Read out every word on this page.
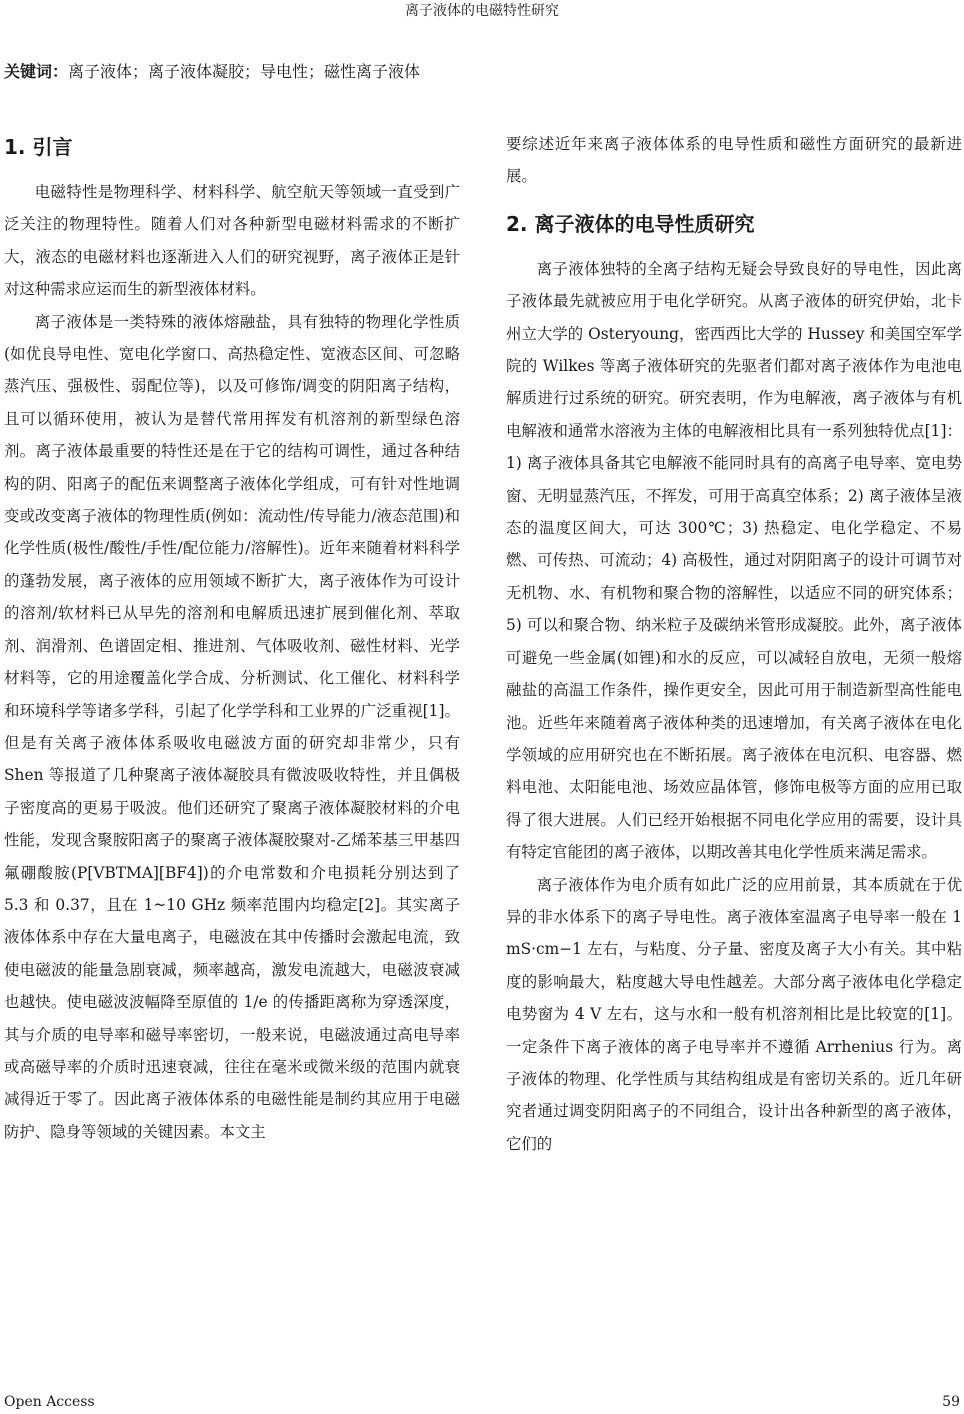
离子液体的电磁特性研究
关键词：离子液体；离子液体凝胶；导电性；磁性离子液体
1. 引言

电磁特性是物理科学、材料科学、航空航天等领域一直受到广泛关注的物理特性。随着人们对各种新型电磁材料需求的不断扩大，液态的电磁材料也逐渐进入人们的研究视野，离子液体正是针对这种需求应运而生的新型液体材料。

离子液体是一类特殊的液体熔融盐，具有独特的物理化学性质(如优良导电性、宽电化学窗口、高热稳定性、宽液态区间、可忽略蒸汽压、强极性、弱配位等)，以及可修饰/调变的阴阳离子结构，且可以循环使用，被认为是替代常用挥发有机溶剂的新型绿色溶剂。离子液体最重要的特性还是在于它的结构可调性，通过各种结构的阴、阳离子的配伍来调整离子液体化学组成，可有针对性地调变或改变离子液体的物理性质(例如：流动性/传导能力/液态范围)和化学性质(极性/酸性/手性/配位能力/溶解性)。近年来随着材料科学的蓬勃发展，离子液体的应用领域不断扩大，离子液体作为可设计的溶剂/软材料已从早先的溶剂和电解质迅速扩展到催化剂、萃取剂、润滑剂、色谱固定相、推进剂、气体吸收剂、磁性材料、光学材料等，它的用途覆盖化学合成、分析测试、化工催化、材料科学和环境科学等诸多学科，引起了化学学科和工业界的广泛重视[1]。但是有关离子液体体系吸收电磁波方面的研究却非常少，只有 Shen 等报道了几种聚离子液体凝胶具有微波吸收特性，并且偶极子密度高的更易于吸波。他们还研究了聚离子液体凝胶材料的介电性能，发现含聚胺阳离子的聚离子液体凝胶聚对-乙烯苯基三甲基四氟硼酸胺(P[VBTMA][BF4])的介电常数和介电损耗分别达到了 5.3 和 0.37，且在 1~10 GHz 频率范围内均稳定[2]。其实离子液体体系中存在大量电离子，电磁波在其中传播时会激起电流，致使电磁波的能量急剧衰减，频率越高，激发电流越大，电磁波衰减也越快。使电磁波波幅降至原值的 1/e 的传播距离称为穿透深度，其与介质的电导率和磁导率密切，一般来说，电磁波通过高电导率或高磁导率的介质时迅速衰减，往往在毫米或微米级的范围内就衰减得近于零了。因此离子液体体系的电磁性能是制约其应用于电磁防护、隐身等领域的关键因素。本文主

要综述近年来离子液体体系的电导性质和磁性方面研究的最新进展。

2. 离子液体的电导性质研究

离子液体独特的全离子结构无疑会导致良好的导电性，因此离子液体最先就被应用于电化学研究。从离子液体的研究伊始，北卡州立大学的 Osteryoung，密西西比大学的 Hussey 和美国空军学院的 Wilkes 等离子液体研究的先驱者们都对离子液体作为电池电解质进行过系统的研究。研究表明，作为电解液，离子液体与有机电解液和通常水溶液为主体的电解液相比具有一系列独特优点[1]：1) 离子液体具备其它电解液不能同时具有的高离子电导率、宽电势窗、无明显蒸汽压，不挥发，可用于高真空体系；2) 离子液体呈液态的温度区间大，可达 300℃；3) 热稳定、电化学稳定、不易燃、可传热、可流动；4) 高极性，通过对阴阳离子的设计可调节对无机物、水、有机物和聚合物的溶解性，以适应不同的研究体系；5) 可以和聚合物、纳米粒子及碳纳米管形成凝胶。此外，离子液体可避免一些金属(如锂)和水的反应，可以减轻自放电，无须一般熔融盐的高温工作条件，操作更安全，因此可用于制造新型高性能电池。近些年来随着离子液体种类的迅速增加，有关离子液体在电化学领域的应用研究也在不断拓展。离子液体在电沉积、电容器、燃料电池、太阳能电池、场效应晶体管，修饰电极等方面的应用已取得了很大进展。人们已经开始根据不同电化学应用的需要，设计具有特定官能团的离子液体，以期改善其电化学性质来满足需求。

离子液体作为电介质有如此广泛的应用前景，其本质就在于优异的非水体系下的离子导电性。离子液体室温离子电导率一般在 1 mS·cm−1 左右，与粘度、分子量、密度及离子大小有关。其中粘度的影响最大，粘度越大导电性越差。大部分离子液体电化学稳定电势窗为 4 V 左右，这与水和一般有机溶剂相比是比较宽的[1]。一定条件下离子液体的离子电导率并不遵循 Arrhenius 行为。离子液体的物理、化学性质与其结构组成是有密切关系的。近几年研究者通过调变阴阳离子的不同组合，设计出各种新型的离子液体，它们的

Open Access	59
